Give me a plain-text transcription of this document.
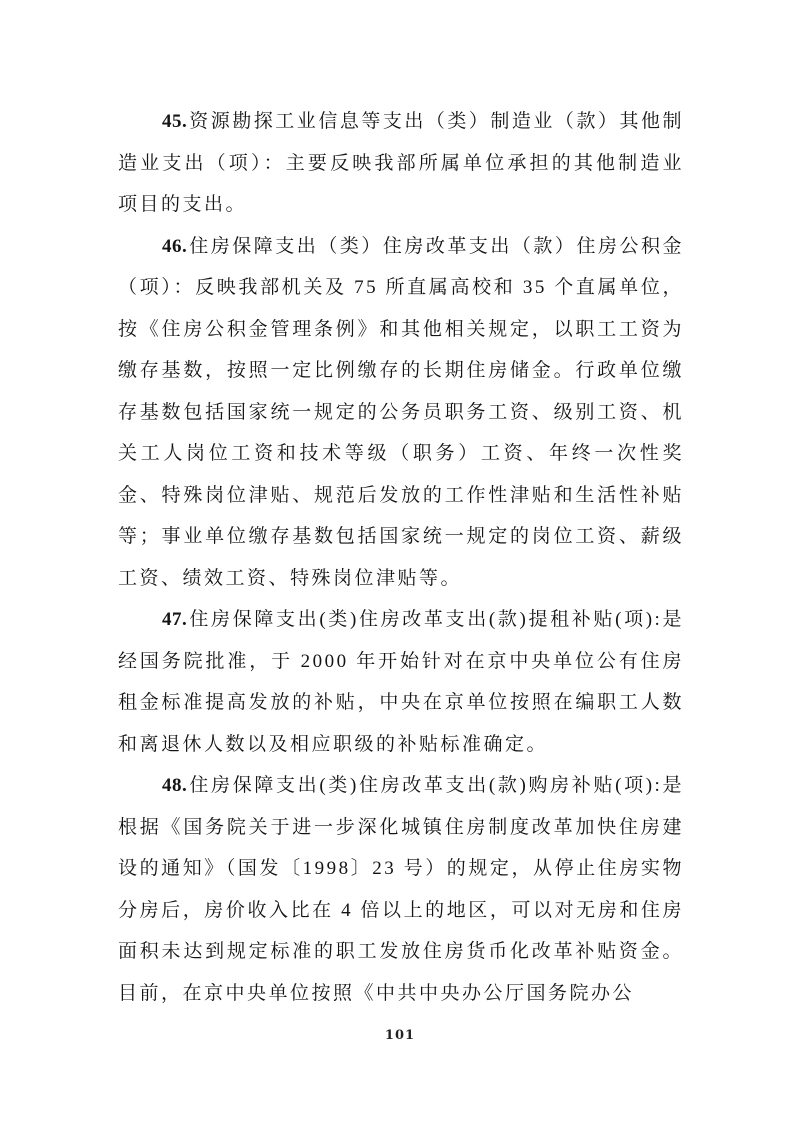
45. 资源勘探工业信息等支出（类）制造业（款）其他制造业支出（项）：主要反映我部所属单位承担的其他制造业项目的支出。

46. 住房保障支出（类）住房改革支出（款）住房公积金（项）：反映我部机关及 75 所直属高校和 35 个直属单位，按《住房公积金管理条例》和其他相关规定，以职工工资为缴存基数，按照一定比例缴存的长期住房储金。行政单位缴存基数包括国家统一规定的公务员职务工资、级别工资、机关工人岗位工资和技术等级（职务）工资、年终一次性奖金、特殊岗位津贴、规范后发放的工作性津贴和生活性补贴等；事业单位缴存基数包括国家统一规定的岗位工资、薪级工资、绩效工资、特殊岗位津贴等。

47. 住房保障支出(类)住房改革支出(款)提租补贴(项):是经国务院批准，于 2000 年开始针对在京中央单位公有住房租金标准提高发放的补贴，中央在京单位按照在编职工人数和离退休人数以及相应职级的补贴标准确定。

48. 住房保障支出(类)住房改革支出(款)购房补贴(项):是根据《国务院关于进一步深化城镇住房制度改革加快住房建设的通知》（国发〔1998〕23 号）的规定，从停止住房实物分房后，房价收入比在 4 倍以上的地区，可以对无房和住房面积未达到规定标准的职工发放住房货币化改革补贴资金。目前，在京中央单位按照《中共中央办公厅国务院办公

101
